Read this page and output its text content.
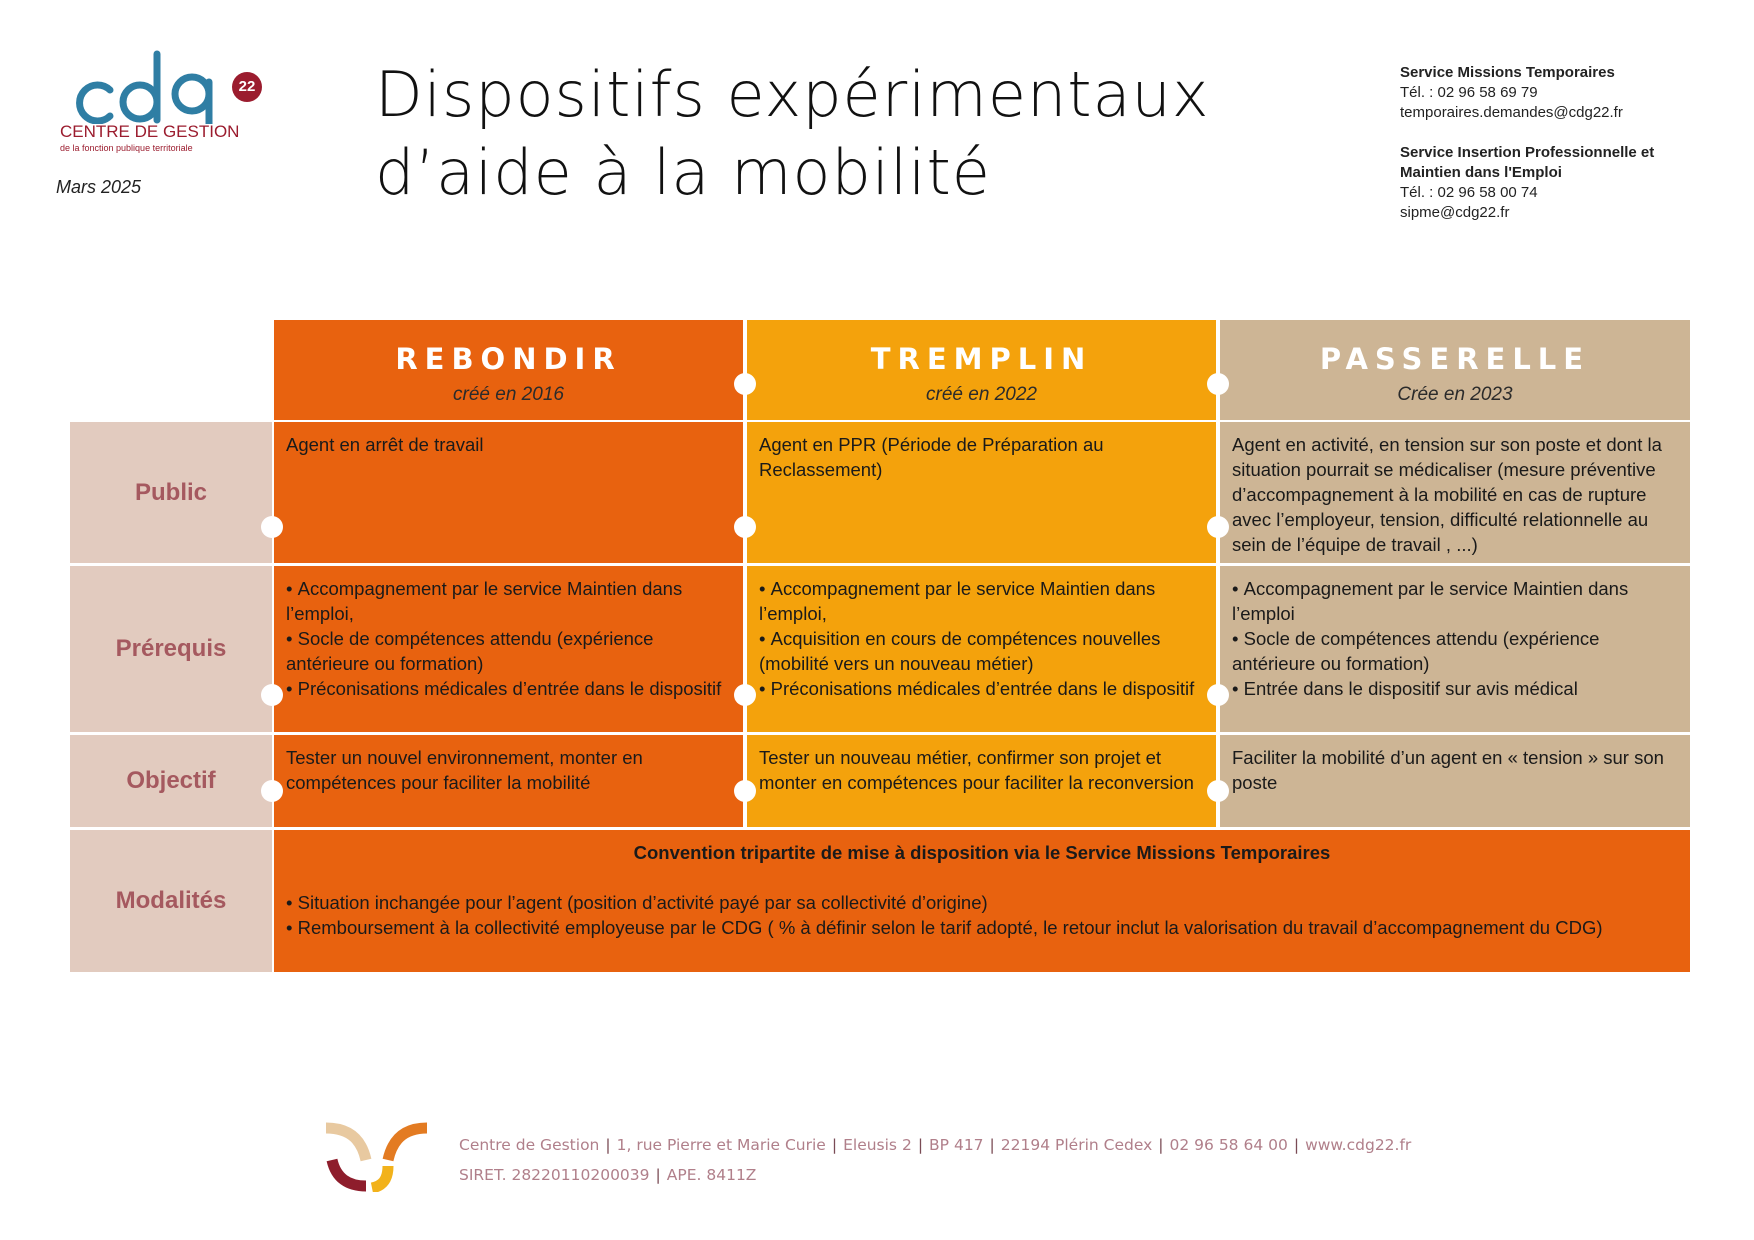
22
CENTRE DE GESTION
de la fonction publique territoriale
Mars 2025
Dispositifs expérimentaux
d’aide à la mobilité
Service Missions Temporaires
Tél. : 02 96 58 69 79
temporaires.demandes@cdg22.fr
Service Insertion Professionnelle et
Maintien dans l'Emploi
Tél. : 02 96 58 00 74
sipme@cdg22.fr
REBONDIR
créé en 2016
TREMPLIN
créé en 2022
PASSERELLE
Crée en 2023
Public
Agent en arrêt de travail	Agent en PPR (Période de Préparation au Reclassement)
Agent en activité, en tension sur son poste et dont la situation pourrait se médicaliser (mesure préventive d’accompagnement à la mobilité en cas de rupture avec l’employeur, tension, difficulté relationnelle au sein de l’équipe de travail , ...)
Prérequis
• Accompagnement par le service Maintien dans l’emploi,
• Socle de compétences attendu (expérience antérieure ou formation)
• Préconisations médicales d’entrée dans le dispositif
• Accompagnement par le service Maintien dans l’emploi,
• Acquisition en cours de compétences nouvelles (mobilité vers un nouveau métier)
• Préconisations médicales d’entrée dans le dispositif
• Accompagnement par le service Maintien dans l’emploi
• Socle de compétences attendu (expérience antérieure ou formation)
• Entrée dans le dispositif sur avis médical
Objectif
Tester un nouvel environnement, monter en compétences pour faciliter la mobilité
Tester un nouveau métier, confirmer son projet et monter en compétences pour faciliter la reconversion
Faciliter la mobilité d’un agent en « tension » sur son poste
Modalités
Convention tripartite de mise à disposition via le Service Missions Temporaires
• Situation inchangée pour l’agent (position d’activité payé par sa collectivité d’origine)
• Remboursement à la collectivité employeuse par le CDG ( % à définir selon le tarif adopté, le retour inclut la valorisation du travail d’accompagnement du CDG)
Centre de Gestion | 1, rue Pierre et Marie Curie | Eleusis 2 | BP 417 | 22194 Plérin Cedex | 02 96 58 64 00 | www.cdg22.fr
SIRET. 28220110200039 | APE. 8411Z
